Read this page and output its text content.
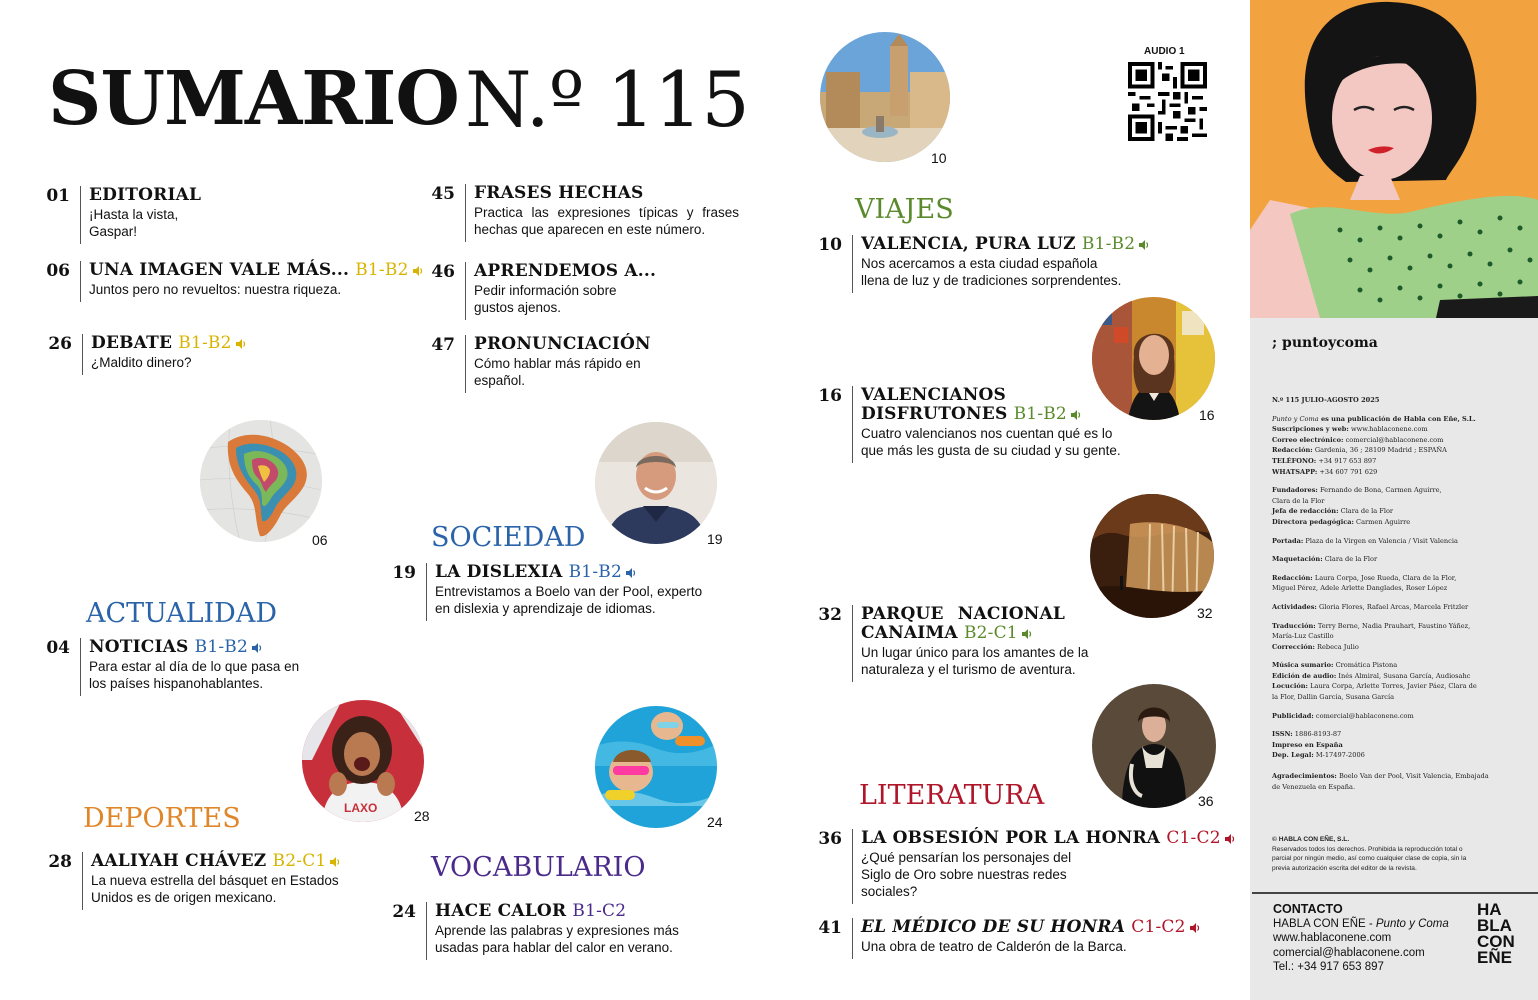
SUMARIO N.º 115
01 EDITORIAL
¡Hasta la vista, Gaspar!
06 UNA IMAGEN VALE MÁS... B1-B2
Juntos pero no revueltos: nuestra riqueza.
26 DEBATE B1-B2
¿Maldito dinero?
45 FRASES HECHAS
Practica las expresiones típicas y frases hechas que aparecen en este número.
46 APRENDEMOS A...
Pedir información sobre gustos ajenos.
47 PRONUNCIACIÓN
Cómo hablar más rápido en español.
06	19
SOCIEDAD
19 LA DISLEXIA B1-B2
Entrevistamos a Boelo van der Pool, experto en dislexia y aprendizaje de idiomas.
ACTUALIDAD
04 NOTICIAS B1-B2
Para estar al día de lo que pasa en los países hispanohablantes.
LAXO	28	24
DEPORTES
28 AALIYAH CHÁVEZ B2-C1
La nueva estrella del básquet en Estados Unidos es de origen mexicano.
VOCABULARIO
24 HACE CALOR B1-C2
Aprende las palabras y expresiones más usadas para hablar del calor en verano.
10
AUDIO 1
VIAJES
10 VALENCIA, PURA LUZ B1-B2
Nos acercamos a esta ciudad española llena de luz y de tradiciones sorprendentes.
16
16 VALENCIANOS
DISFRUTONES B1-B2
Cuatro valencianos nos cuentan qué es lo que más les gusta de su ciudad y su gente.
32
32 PARQUE NACIONAL
CANAIMA B2-C1
Un lugar único para los amantes de la naturaleza y el turismo de aventura.
36
LITERATURA
36 LA OBSESIÓN POR LA HONRA C1-C2
¿Qué pensarían los personajes del Siglo de Oro sobre nuestras redes sociales?
41 EL MÉDICO DE SU HONRA C1-C2
Una obra de teatro de Calderón de la Barca.
; puntoycoma

N.º 115 JULIO-AGOSTO 2025

Punto y Coma es una publicación de Habla con Eñe, S.L.

Suscripciones y web: www.hablaconene.com
Correo electrónico: comercial@hablaconene.com
Redacción: Gardenia, 36 ; 28109 Madrid ; ESPAÑA
TELÉFONO: +34 917 653 897

WHATSAPP: +34 607 791 629

Fundadores: Fernando de Bona, Carmen Aguirre, Clara de la Flor
Jefa de redacción: Clara de la Flor

Directora pedagógica: Carmen Aguirre

Portada: Plaza de la Virgen en Valencia / Visit Valencia

Maquetación: Clara de la Flor

Redacción: Laura Corpa, Jose Rueda, Clara de la Flor, Miguel Pérez, Adele Arlette Danglades, Roser López

Actividades: Gloria Flores, Rafael Arcas, Marcela Fritzler

Traducción: Terry Berne, Nadia Prauhart, Faustino Yáñez, María-Luz Castillo

Corrección: Rebeca Julio

Música sumario: Cromática Pistona
Edición de audio: Inés Almiral, Susana García, Audiosahc

Locución: Laura Corpa, Arlette Torres, Javier Páez, Clara de la Flor, Dallin García, Susana García

Publicidad: comercial@hablaconene.com

ISSN: 1886-8193-87
Impreso en España

Dep. Legal: M-17497-2006

Agradecimientos: Boelo Van der Pool, Visit Valencia, Embajada de Venezuela en España.

© HABLA CON EÑE, S.L.
Reservados todos los derechos. Prohibida la reproducción total o parcial por ningún medio, así como cualquier clase de copia, sin la previa autorización escrita del editor de la revista.
CONTACTO
HABLA CON EÑE - Punto y Coma
www.hablaconene.com
comercial@hablaconene.com
Tel.: +34 917 653 897
HA
BLA
CON
EÑE
